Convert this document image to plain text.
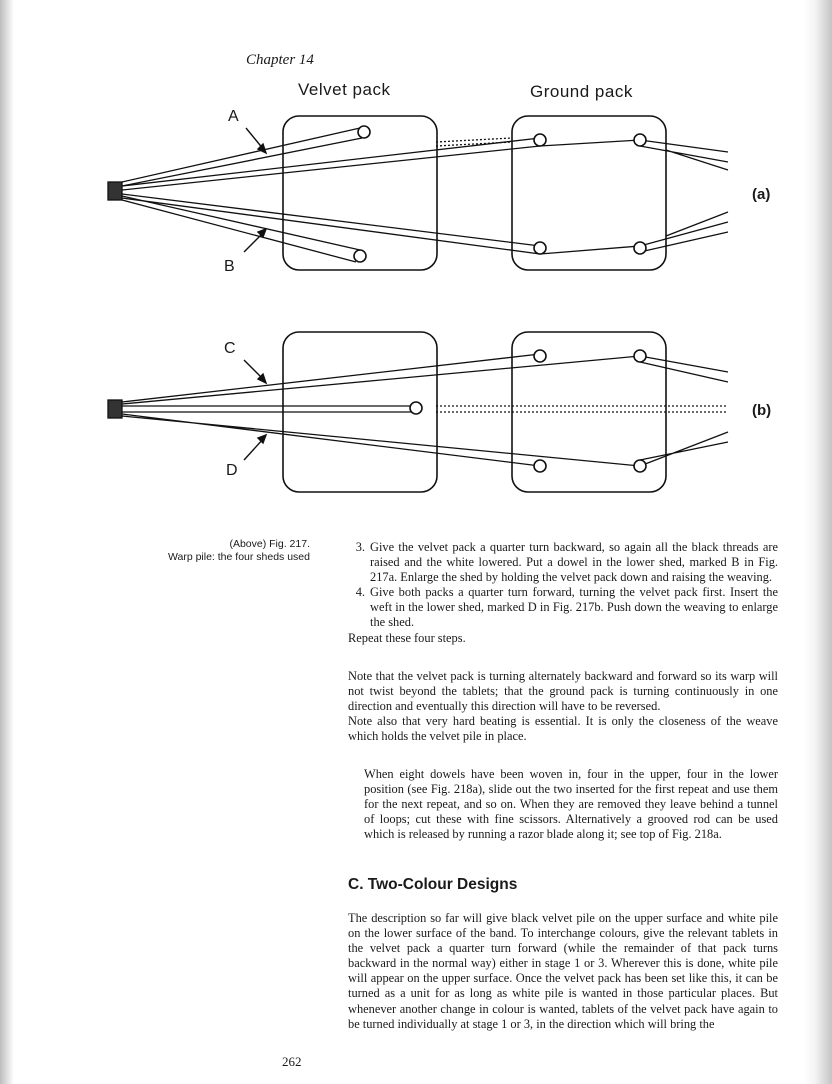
Chapter 14
Velvet pack	Ground pack
A
B
C
D
(a)
(b)
(Above) Fig. 217.
Warp pile: the four sheds used
3. Give the velvet pack a quarter turn backward, so again all the black threads are raised and the white lowered. Put a dowel in the lower shed, marked B in Fig. 217a. Enlarge the shed by holding the velvet pack down and raising the weaving.
4. Give both packs a quarter turn forward, turning the velvet pack first. Insert the weft in the lower shed, marked D in Fig. 217b. Push down the weaving to enlarge the shed.

Repeat these four steps.

Note that the velvet pack is turning alternately backward and forward so its warp will not twist beyond the tablets; that the ground pack is turning continuously in one direction and eventually this direction will have to be reversed.

Note also that very hard beating is essential. It is only the closeness of the weave which holds the velvet pile in place.

When eight dowels have been woven in, four in the upper, four in the lower position (see Fig. 218a), slide out the two inserted for the first repeat and use them for the next repeat, and so on. When they are removed they leave behind a tunnel of loops; cut these with fine scissors. Alternatively a grooved rod can be used which is released by running a razor blade along it; see top of Fig. 218a.

C. Two-Colour Designs

The description so far will give black velvet pile on the upper surface and white pile on the lower surface of the band. To interchange colours, give the relevant tablets in the velvet pack a quarter turn forward (while the remainder of that pack turns backward in the normal way) either in stage 1 or 3. Wherever this is done, white pile will appear on the upper surface. Once the velvet pack has been set like this, it can be turned as a unit for as long as white pile is wanted in those particular places. But whenever another change in colour is wanted, tablets of the velvet pack have again to be turned individually at stage 1 or 3, in the direction which will bring the

262
